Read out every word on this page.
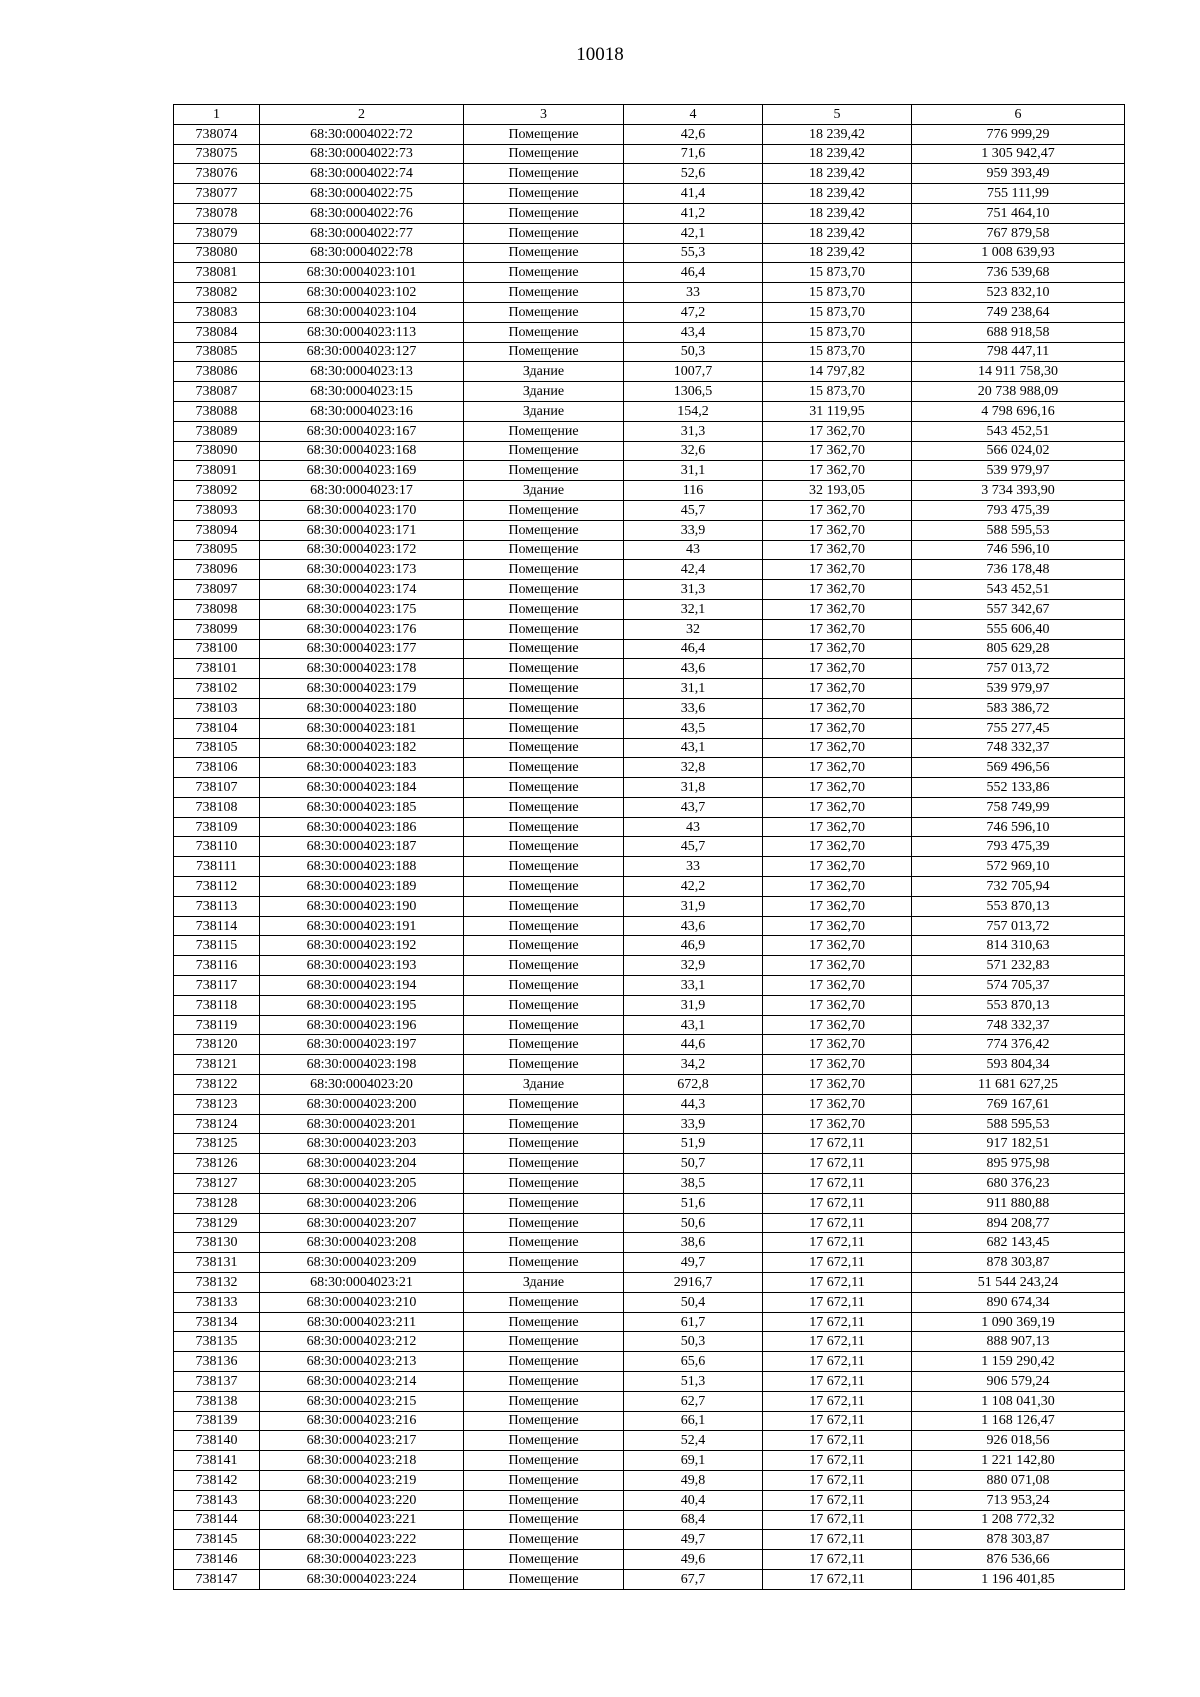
10018
1	2	3	4	5	6
738074	68:30:0004022:72	Помещение	42,6	18 239,42	776 999,29
738075	68:30:0004022:73	Помещение	71,6	18 239,42	1 305 942,47
738076	68:30:0004022:74	Помещение	52,6	18 239,42	959 393,49
738077	68:30:0004022:75	Помещение	41,4	18 239,42	755 111,99
738078	68:30:0004022:76	Помещение	41,2	18 239,42	751 464,10
738079	68:30:0004022:77	Помещение	42,1	18 239,42	767 879,58
738080	68:30:0004022:78	Помещение	55,3	18 239,42	1 008 639,93
738081	68:30:0004023:101	Помещение	46,4	15 873,70	736 539,68
738082	68:30:0004023:102	Помещение	33	15 873,70	523 832,10
738083	68:30:0004023:104	Помещение	47,2	15 873,70	749 238,64
738084	68:30:0004023:113	Помещение	43,4	15 873,70	688 918,58
738085	68:30:0004023:127	Помещение	50,3	15 873,70	798 447,11
738086	68:30:0004023:13	Здание	1007,7	14 797,82	14 911 758,30
738087	68:30:0004023:15	Здание	1306,5	15 873,70	20 738 988,09
738088	68:30:0004023:16	Здание	154,2	31 119,95	4 798 696,16
738089	68:30:0004023:167	Помещение	31,3	17 362,70	543 452,51
738090	68:30:0004023:168	Помещение	32,6	17 362,70	566 024,02
738091	68:30:0004023:169	Помещение	31,1	17 362,70	539 979,97
738092	68:30:0004023:17	Здание	116	32 193,05	3 734 393,90
738093	68:30:0004023:170	Помещение	45,7	17 362,70	793 475,39
738094	68:30:0004023:171	Помещение	33,9	17 362,70	588 595,53
738095	68:30:0004023:172	Помещение	43	17 362,70	746 596,10
738096	68:30:0004023:173	Помещение	42,4	17 362,70	736 178,48
738097	68:30:0004023:174	Помещение	31,3	17 362,70	543 452,51
738098	68:30:0004023:175	Помещение	32,1	17 362,70	557 342,67
738099	68:30:0004023:176	Помещение	32	17 362,70	555 606,40
738100	68:30:0004023:177	Помещение	46,4	17 362,70	805 629,28
738101	68:30:0004023:178	Помещение	43,6	17 362,70	757 013,72
738102	68:30:0004023:179	Помещение	31,1	17 362,70	539 979,97
738103	68:30:0004023:180	Помещение	33,6	17 362,70	583 386,72
738104	68:30:0004023:181	Помещение	43,5	17 362,70	755 277,45
738105	68:30:0004023:182	Помещение	43,1	17 362,70	748 332,37
738106	68:30:0004023:183	Помещение	32,8	17 362,70	569 496,56
738107	68:30:0004023:184	Помещение	31,8	17 362,70	552 133,86
738108	68:30:0004023:185	Помещение	43,7	17 362,70	758 749,99
738109	68:30:0004023:186	Помещение	43	17 362,70	746 596,10
738110	68:30:0004023:187	Помещение	45,7	17 362,70	793 475,39
738111	68:30:0004023:188	Помещение	33	17 362,70	572 969,10
738112	68:30:0004023:189	Помещение	42,2	17 362,70	732 705,94
738113	68:30:0004023:190	Помещение	31,9	17 362,70	553 870,13
738114	68:30:0004023:191	Помещение	43,6	17 362,70	757 013,72
738115	68:30:0004023:192	Помещение	46,9	17 362,70	814 310,63
738116	68:30:0004023:193	Помещение	32,9	17 362,70	571 232,83
738117	68:30:0004023:194	Помещение	33,1	17 362,70	574 705,37
738118	68:30:0004023:195	Помещение	31,9	17 362,70	553 870,13
738119	68:30:0004023:196	Помещение	43,1	17 362,70	748 332,37
738120	68:30:0004023:197	Помещение	44,6	17 362,70	774 376,42
738121	68:30:0004023:198	Помещение	34,2	17 362,70	593 804,34
738122	68:30:0004023:20	Здание	672,8	17 362,70	11 681 627,25
738123	68:30:0004023:200	Помещение	44,3	17 362,70	769 167,61
738124	68:30:0004023:201	Помещение	33,9	17 362,70	588 595,53
738125	68:30:0004023:203	Помещение	51,9	17 672,11	917 182,51
738126	68:30:0004023:204	Помещение	50,7	17 672,11	895 975,98
738127	68:30:0004023:205	Помещение	38,5	17 672,11	680 376,23
738128	68:30:0004023:206	Помещение	51,6	17 672,11	911 880,88
738129	68:30:0004023:207	Помещение	50,6	17 672,11	894 208,77
738130	68:30:0004023:208	Помещение	38,6	17 672,11	682 143,45
738131	68:30:0004023:209	Помещение	49,7	17 672,11	878 303,87
738132	68:30:0004023:21	Здание	2916,7	17 672,11	51 544 243,24
738133	68:30:0004023:210	Помещение	50,4	17 672,11	890 674,34
738134	68:30:0004023:211	Помещение	61,7	17 672,11	1 090 369,19
738135	68:30:0004023:212	Помещение	50,3	17 672,11	888 907,13
738136	68:30:0004023:213	Помещение	65,6	17 672,11	1 159 290,42
738137	68:30:0004023:214	Помещение	51,3	17 672,11	906 579,24
738138	68:30:0004023:215	Помещение	62,7	17 672,11	1 108 041,30
738139	68:30:0004023:216	Помещение	66,1	17 672,11	1 168 126,47
738140	68:30:0004023:217	Помещение	52,4	17 672,11	926 018,56
738141	68:30:0004023:218	Помещение	69,1	17 672,11	1 221 142,80
738142	68:30:0004023:219	Помещение	49,8	17 672,11	880 071,08
738143	68:30:0004023:220	Помещение	40,4	17 672,11	713 953,24
738144	68:30:0004023:221	Помещение	68,4	17 672,11	1 208 772,32
738145	68:30:0004023:222	Помещение	49,7	17 672,11	878 303,87
738146	68:30:0004023:223	Помещение	49,6	17 672,11	876 536,66
738147	68:30:0004023:224	Помещение	67,7	17 672,11	1 196 401,85
